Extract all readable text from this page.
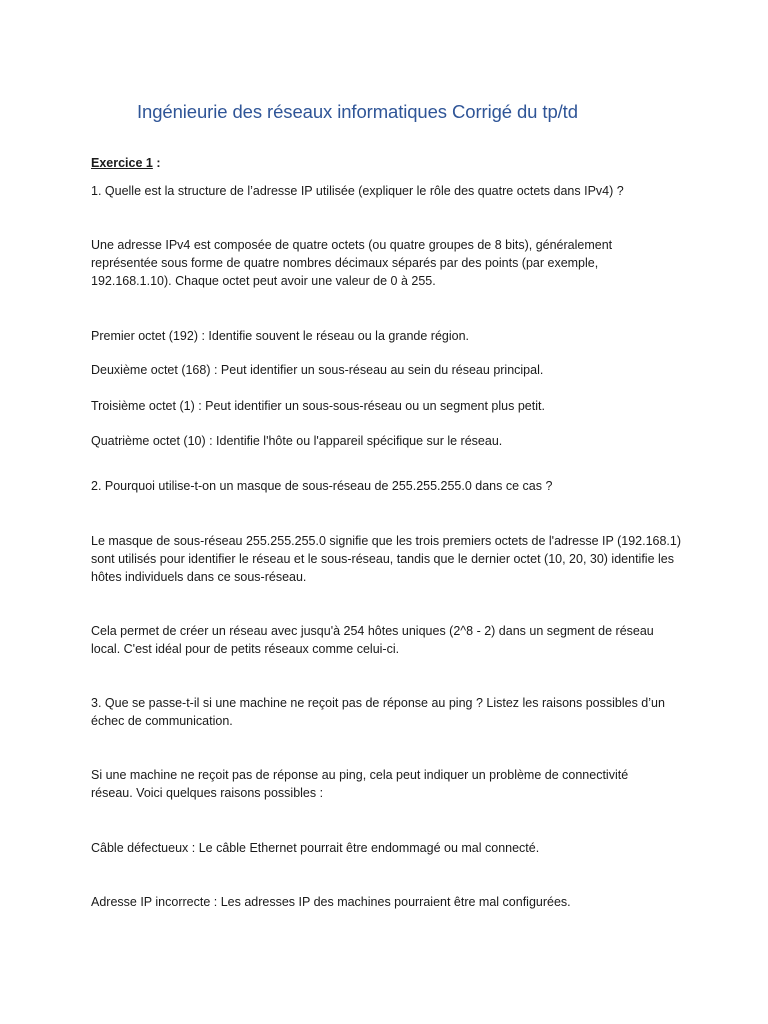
Ingénieurie des réseaux informatiques Corrigé du tp/td

Exercice 1 :

1. Quelle est la structure de l’adresse IP utilisée (expliquer le rôle des quatre octets dans IPv4) ?

Une adresse IPv4 est composée de quatre octets (ou quatre groupes de 8 bits), généralement représentée sous forme de quatre nombres décimaux séparés par des points (par exemple, 192.168.1.10). Chaque octet peut avoir une valeur de 0 à 255.

Premier octet (192) : Identifie souvent le réseau ou la grande région.

Deuxième octet (168) : Peut identifier un sous-réseau au sein du réseau principal.

Troisième octet (1) : Peut identifier un sous-sous-réseau ou un segment plus petit.

Quatrième octet (10) : Identifie l'hôte ou l'appareil spécifique sur le réseau.

2. Pourquoi utilise-t-on un masque de sous-réseau de 255.255.255.0 dans ce cas ?

Le masque de sous-réseau 255.255.255.0 signifie que les trois premiers octets de l'adresse IP (192.168.1) sont utilisés pour identifier le réseau et le sous-réseau, tandis que le dernier octet (10, 20, 30) identifie les hôtes individuels dans ce sous-réseau.

Cela permet de créer un réseau avec jusqu'à 254 hôtes uniques (2^8 - 2) dans un segment de réseau local. C'est idéal pour de petits réseaux comme celui-ci.

3. Que se passe-t-il si une machine ne reçoit pas de réponse au ping ? Listez les raisons possibles d’un échec de communication.

Si une machine ne reçoit pas de réponse au ping, cela peut indiquer un problème de connectivité réseau. Voici quelques raisons possibles :

Câble défectueux : Le câble Ethernet pourrait être endommagé ou mal connecté.

Adresse IP incorrecte : Les adresses IP des machines pourraient être mal configurées.
